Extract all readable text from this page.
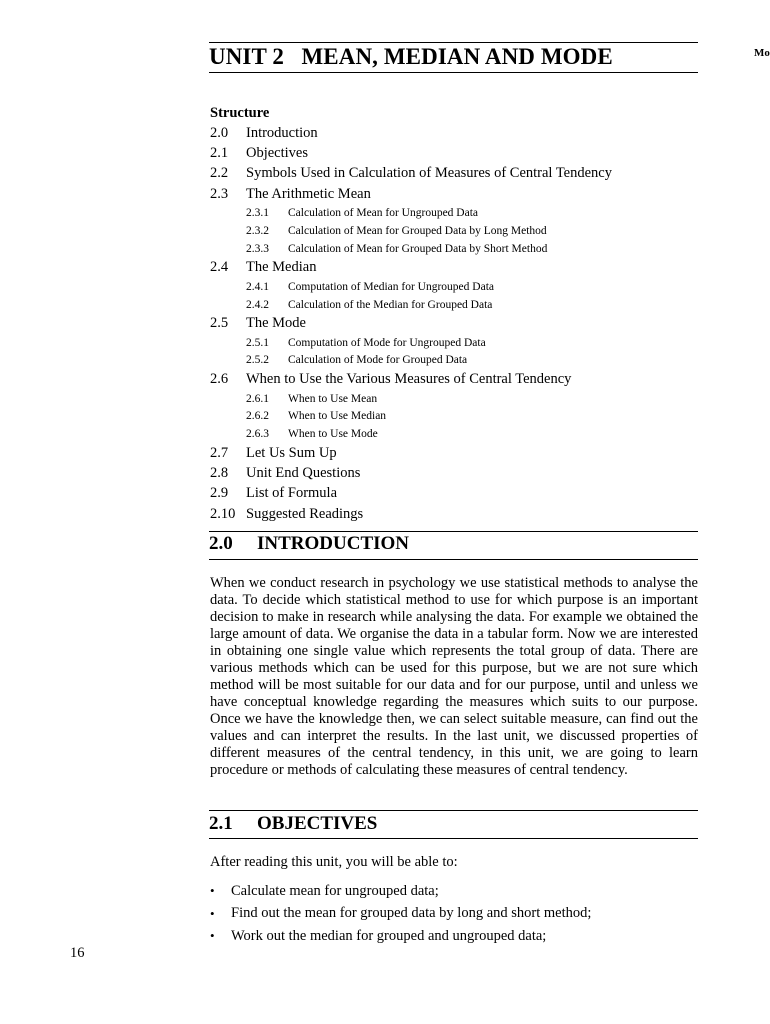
Mo
UNIT 2   MEAN, MEDIAN AND MODE
Structure
2.0	Introduction
2.1	Objectives
2.2	Symbols Used in Calculation of Measures of Central Tendency
2.3	The Arithmetic Mean
2.3.1	Calculation of Mean for Ungrouped Data
2.3.2	Calculation of Mean for Grouped Data by Long Method
2.3.3	Calculation of Mean for Grouped Data by Short Method
2.4	The Median
2.4.1	Computation of Median for Ungrouped Data
2.4.2	Calculation of the Median for Grouped Data
2.5	The Mode
2.5.1	Computation of Mode for Ungrouped Data
2.5.2	Calculation of Mode for Grouped Data
2.6	When to Use the Various Measures of Central Tendency
2.6.1	When to Use Mean
2.6.2	When to Use Median
2.6.3	When to Use Mode
2.7	Let Us Sum Up
2.8	Unit End Questions
2.9	List of Formula
2.10 Suggested Readings
2.0 INTRODUCTION

When we conduct research in psychology we use statistical methods to analyse the data. To decide which statistical method to use for which purpose is an important decision to make in research while analysing the data. For example we obtained the large amount of data. We organise the data in a tabular form. Now we are interested in obtaining one single value which represents the total group of data. There are various methods which can be used for this purpose, but we are not sure which method will be most suitable for our data and for our purpose, until and unless we have conceptual knowledge regarding the measures which suits to our purpose. Once we have the knowledge then, we can select suitable measure, can find out the values and can interpret the results. In the last unit, we discussed properties of different measures of the central tendency, in this unit, we are going to learn procedure or methods of calculating these measures of central tendency.

2.1 OBJECTIVES
After reading this unit, you will be able to:
•	Calculate mean for ungrouped data;
•	Find out the mean for grouped data by long and short method;
•	Work out the median for grouped and ungrouped data;
16
